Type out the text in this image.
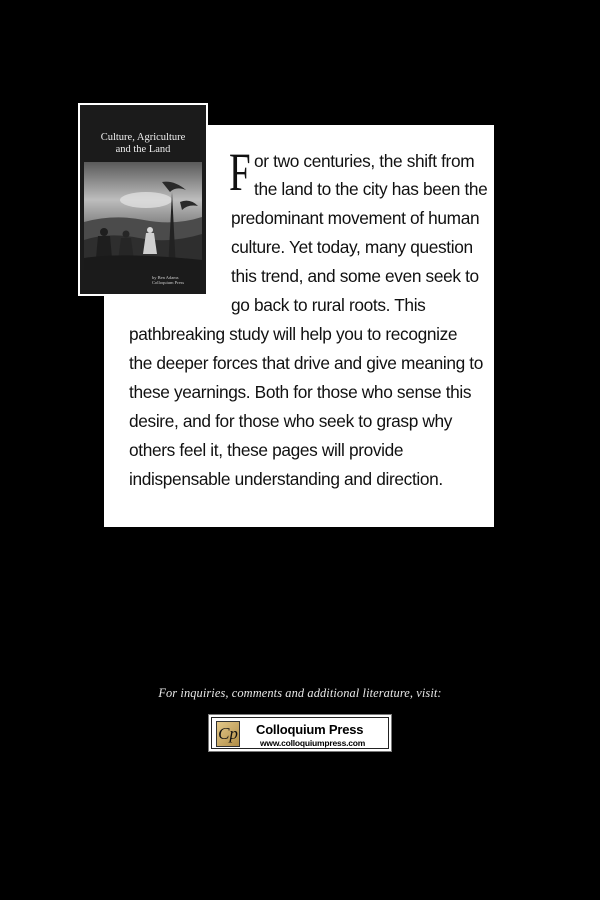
F or two centuries, the shift from
the land to the city has been the
predominant movement of human
culture. Yet today, many question
this trend, and some even seek to
go back to rural roots. This
pathbreaking study will help you to recognize
the deeper forces that drive and give meaning to
these yearnings. Both for those who sense this
desire, and for those who seek to grasp why
others feel it, these pages will provide
indispensable understanding and direction.
Culture, Agriculture
and the Land
by Ben Adams
Colloquium Press
For inquiries, comments and additional literature, visit:
Cp Colloquium Press
www.colloquiumpress.com
